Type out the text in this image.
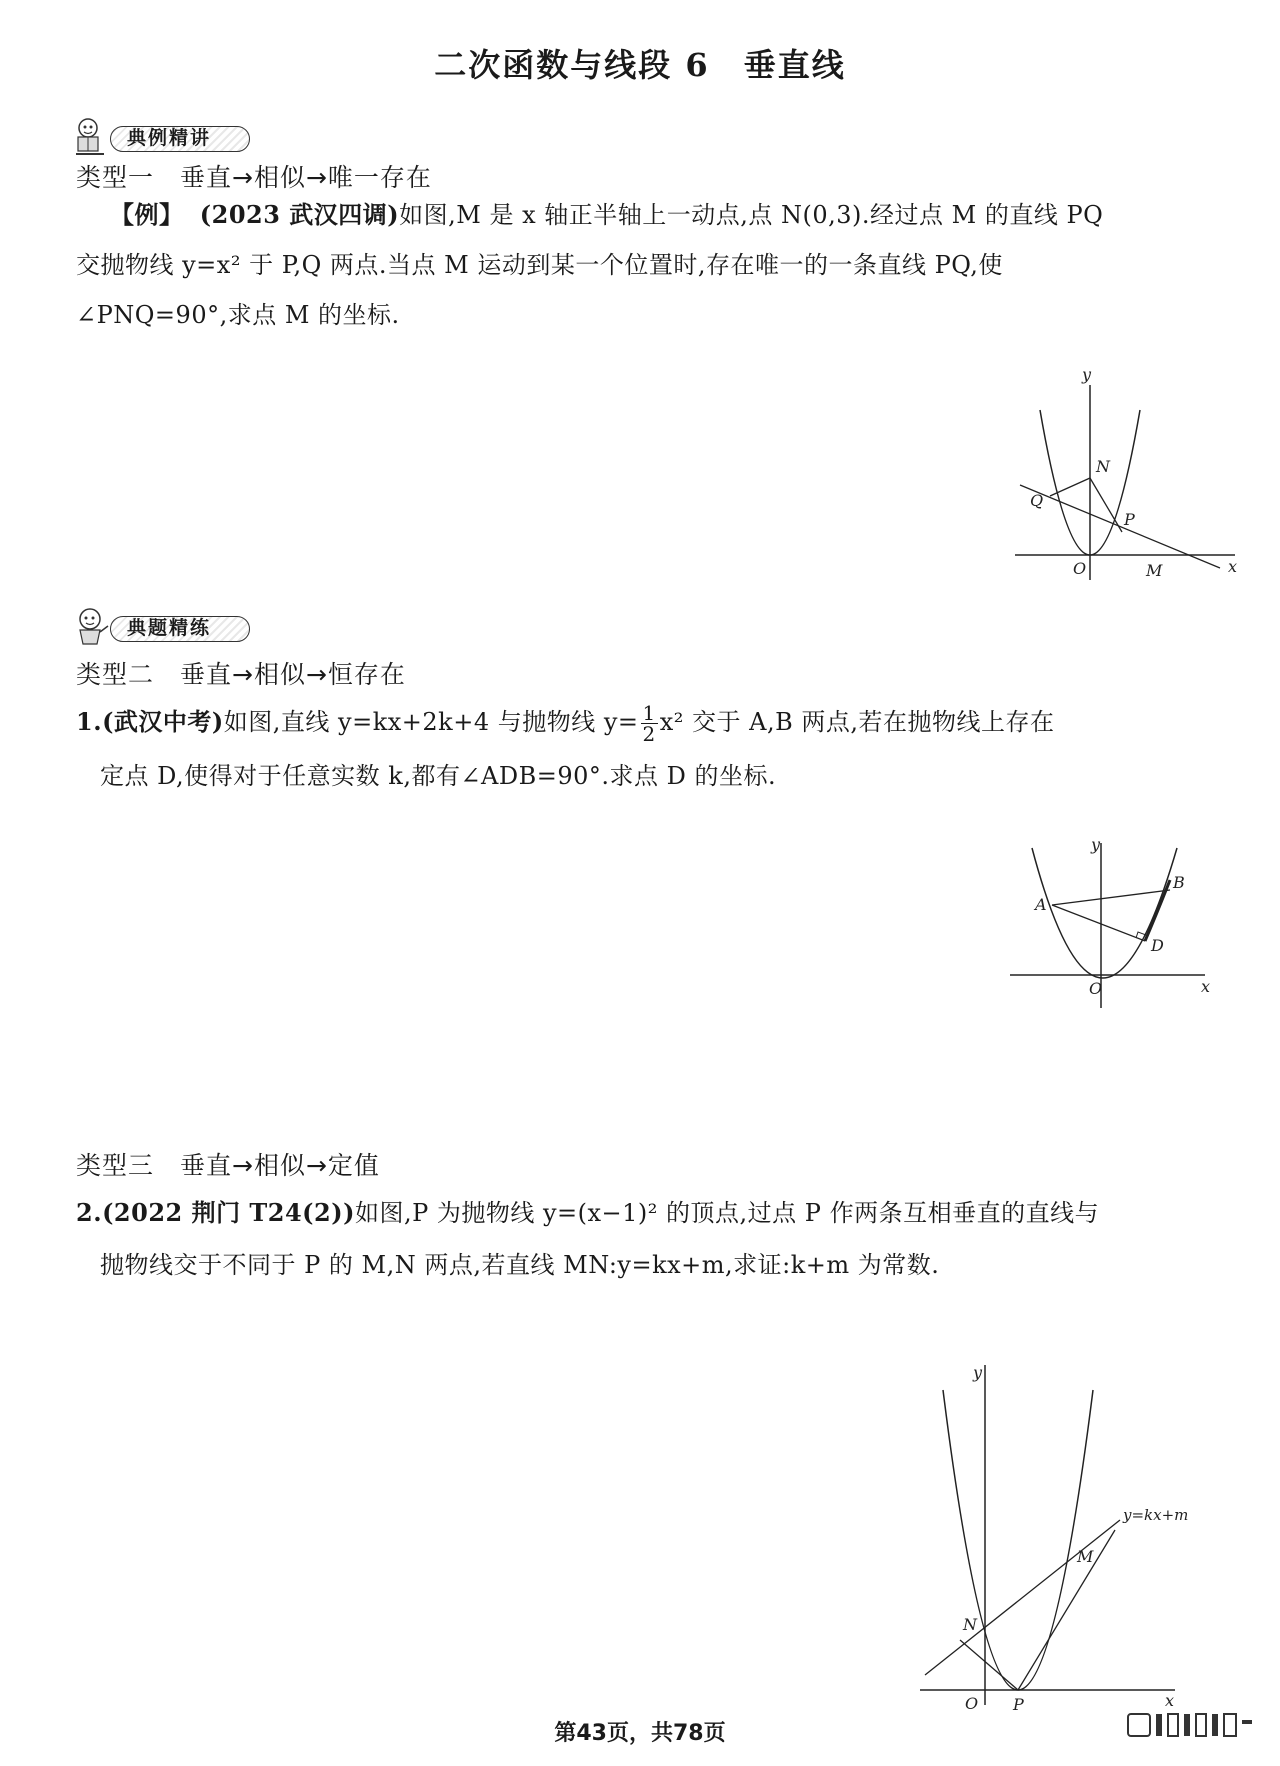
二次函数与线段 6　垂直线
典例精讲
类型一　垂直→相似→唯一存在
【例】 (2023 武汉四调)如图,M 是 x 轴正半轴上一动点,点 N(0,3).经过点 M 的直线 PQ
交抛物线 y=x² 于 P,Q 两点.当点 M 运动到某一个位置时,存在唯一的一条直线 PQ,使
∠PNQ=90°,求点 M 的坐标.
y
x
O
N
Q
P
M
典题精练
类型二　垂直→相似→恒存在
1.(武汉中考)如图,直线 y=kx+2k+4 与抛物线 $y= \frac{1}{2} x^2$ 交于 A,B 两点,若在抛物线上存在
定点 D,使得对于任意实数 k,都有∠ADB=90°.求点 D 的坐标.
y
x
O
A
B
D
类型三　垂直→相似→定值
2.(2022 荆门 T24(2))如图,P 为抛物线 y=(x−1)² 的顶点,过点 P 作两条互相垂直的直线与
抛物线交于不同于 P 的 M,N 两点,若直线 MN:y=kx+m,求证:k+m 为常数.
y
x
O
N
M
P
y=kx+m
第43页，共78页
